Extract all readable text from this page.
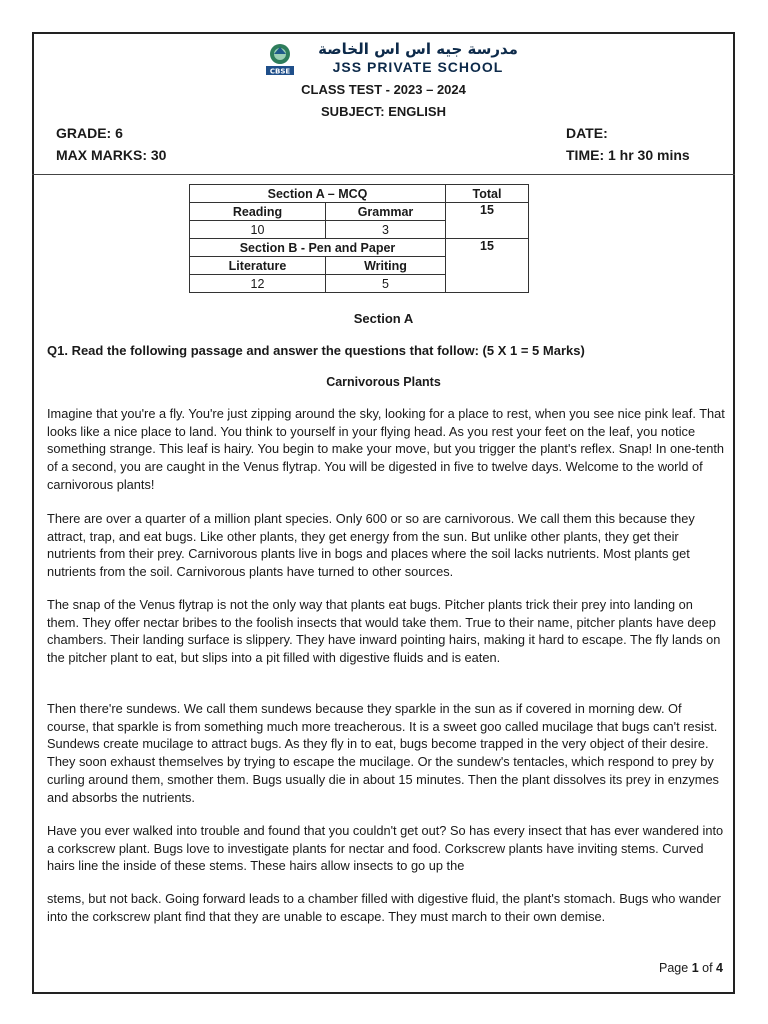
CBSE
مدرسة جيه اس اس الخاصة
JSS PRIVATE SCHOOL
CLASS TEST - 2023 – 2024
SUBJECT: ENGLISH
GRADE: 6
MAX MARKS: 30
DATE:
TIME: 1 hr 30 mins
Section A – MCQ		Total
Reading	Grammar	15
10	3	
Section B - Pen and Paper		15
Literature	Writing	
12	5	
Section A
Q1. Read the following passage and answer the questions that follow: (5 X 1 = 5 Marks)
Carnivorous Plants

Imagine that you're a fly. You're just zipping around the sky, looking for a place to rest, when you see nice pink leaf. That looks like a nice place to land. You think to yourself in your flying head. As you rest your feet on the leaf, you notice something strange. This leaf is hairy. You begin to make your move, but you trigger the plant's reflex. Snap! In one-tenth of a second, you are caught in the Venus flytrap. You will be digested in five to twelve days. Welcome to the world of carnivorous plants!

There are over a quarter of a million plant species. Only 600 or so are carnivorous. We call them this because they attract, trap, and eat bugs. Like other plants, they get energy from the sun. But unlike other plants, they get their nutrients from their prey. Carnivorous plants live in bogs and places where the soil lacks nutrients. Most plants get nutrients from the soil. Carnivorous plants have turned to other sources.

The snap of the Venus flytrap is not the only way that plants eat bugs. Pitcher plants trick their prey into landing on them. They offer nectar bribes to the foolish insects that would take them. True to their name, pitcher plants have deep chambers. Their landing surface is slippery. They have inward pointing hairs, making it hard to escape. The fly lands on the pitcher plant to eat, but slips into a pit filled with digestive fluids and is eaten.

Then there're sundews. We call them sundews because they sparkle in the sun as if covered in morning dew. Of course, that sparkle is from something much more treacherous. It is a sweet goo called mucilage that bugs can't resist. Sundews create mucilage to attract bugs. As they fly in to eat, bugs become trapped in the very object of their desire. They soon exhaust themselves by trying to escape the mucilage. Or the sundew's tentacles, which respond to prey by curling around them, smother them. Bugs usually die in about 15 minutes. Then the plant dissolves its prey in enzymes and absorbs the nutrients.

Have you ever walked into trouble and found that you couldn't get out? So has every insect that has ever wandered into a corkscrew plant. Bugs love to investigate plants for nectar and food. Corkscrew plants have inviting stems. Curved hairs line the inside of these stems. These hairs allow insects to go up the

stems, but not back. Going forward leads to a chamber filled with digestive fluid, the plant's stomach. Bugs who wander into the corkscrew plant find that they are unable to escape. They must march to their own demise.

Page 1 of 4
